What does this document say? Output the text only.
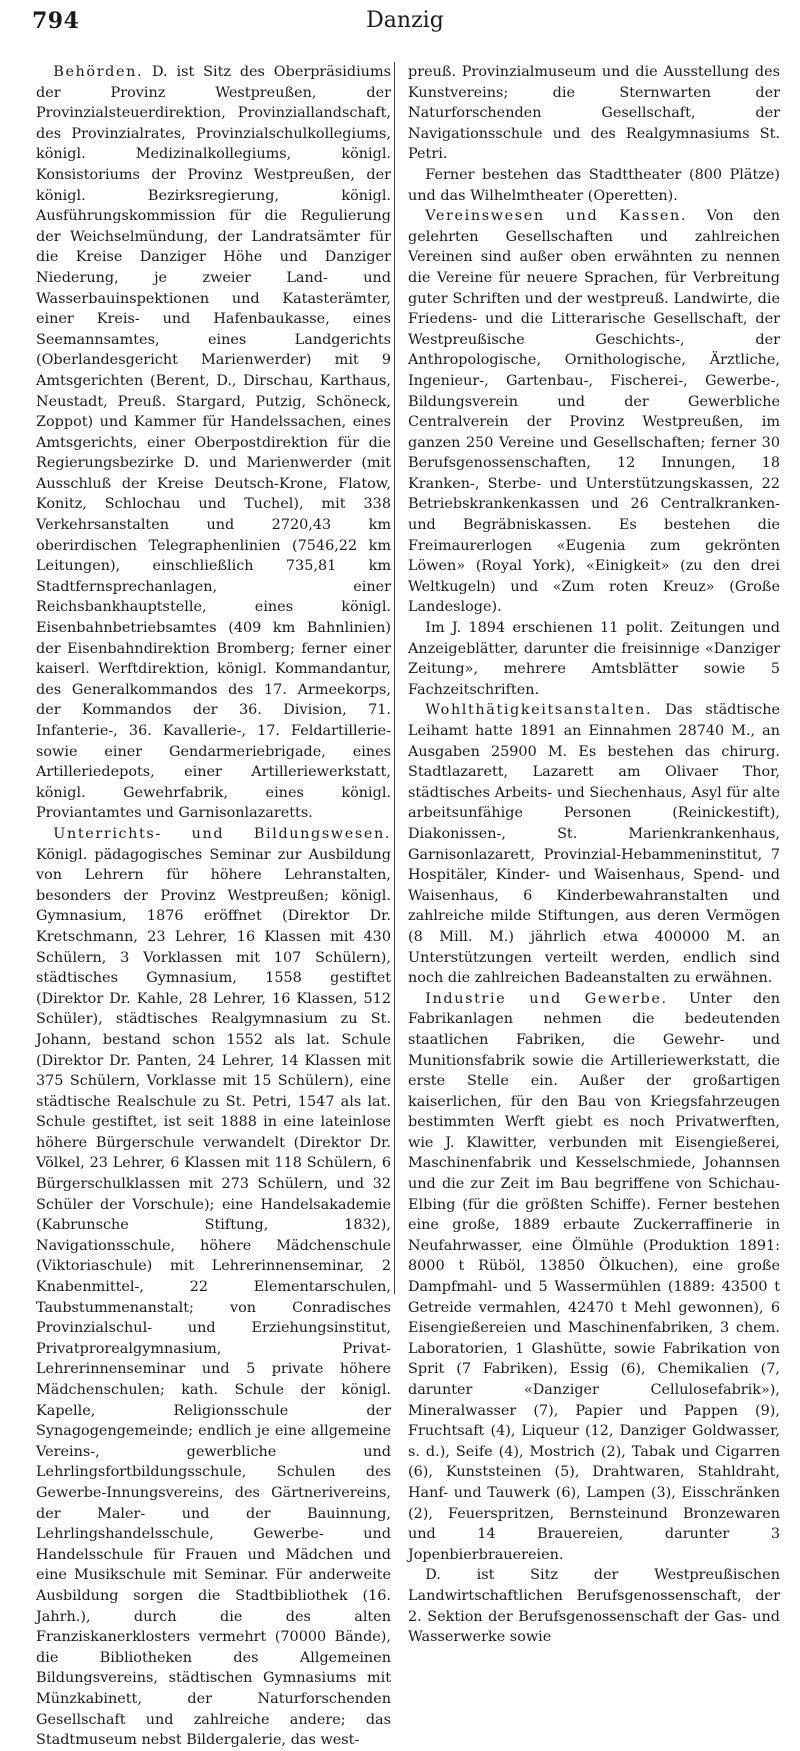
794	Danzig

Behörden. D. ist Sitz des Oberpräsidiums der Provinz Westpreußen, der Provinzialsteuerdirektion, Provinziallandschaft, des Provinzialrates, Provinzialschulkollegiums, königl. Medizinalkollegiums, königl. Konsistoriums der Provinz Westpreußen, der königl. Bezirksregierung, königl. Ausführungskommission für die Regulierung der Weichselmündung, der Landratsämter für die Kreise Danziger Höhe und Danziger Niederung, je zweier Land- und Wasserbauinspektionen und Katasterämter, einer Kreis- und Hafenbaukasse, eines Seemannsamtes, eines Landgerichts (Oberlandesgericht Marienwerder) mit 9 Amtsgerichten (Berent, D., Dirschau, Karthaus, Neustadt, Preuß. Stargard, Putzig, Schöneck, Zoppot) und Kammer für Handelssachen, eines Amtsgerichts, einer Oberpostdirektion für die Regierungsbezirke D. und Marienwerder (mit Ausschluß der Kreise Deutsch-Krone, Flatow, Konitz, Schlochau und Tuchel), mit 338 Verkehrsanstalten und 2720,43 km oberirdischen Telegraphenlinien (7546,22 km Leitungen), einschließlich 735,81 km Stadtfernsprechanlagen, einer Reichsbankhauptstelle, eines königl. Eisenbahnbetriebsamtes (409 km Bahnlinien) der Eisenbahndirektion Bromberg; ferner einer kaiserl. Werftdirektion, königl. Kommandantur, des Generalkommandos des 17. Armeekorps, der Kommandos der 36. Division, 71. Infanterie-, 36. Kavallerie-, 17. Feldartillerie- sowie einer Gendarmeriebrigade, eines Artilleriedepots, einer Artilleriewerkstatt, königl. Gewehrfabrik, eines königl. Proviantamtes und Garnisonlazaretts.

Unterrichts- und Bildungswesen. Königl. pädagogisches Seminar zur Ausbildung von Lehrern für höhere Lehranstalten, besonders der Provinz Westpreußen; königl. Gymnasium, 1876 eröffnet (Direktor Dr. Kretschmann, 23 Lehrer, 16 Klassen mit 430 Schülern, 3 Vorklassen mit 107 Schülern), städtisches Gymnasium, 1558 gestiftet (Direktor Dr. Kahle, 28 Lehrer, 16 Klassen, 512 Schüler), städtisches Realgymnasium zu St. Johann, bestand schon 1552 als lat. Schule (Direktor Dr. Panten, 24 Lehrer, 14 Klassen mit 375 Schülern, Vorklasse mit 15 Schülern), eine städtische Realschule zu St. Petri, 1547 als lat. Schule gestiftet, ist seit 1888 in eine lateinlose höhere Bürgerschule verwandelt (Direktor Dr. Völkel, 23 Lehrer, 6 Klassen mit 118 Schülern, 6 Bürgerschulklassen mit 273 Schülern, und 32 Schüler der Vorschule); eine Handelsakademie (Kabrunsche Stiftung, 1832), Navigationsschule, höhere Mädchenschule (Viktoriaschule) mit Lehrerinnenseminar, 2 Knabenmittel-, 22 Elementarschulen, Taubstummenanstalt; von Conradisches Provinzialschul- und Erziehungsinstitut, Privatprorealgymnasium, Privat-Lehrerinnenseminar und 5 private höhere Mädchenschulen; kath. Schule der königl. Kapelle, Religionsschule der Synagogengemeinde; endlich je eine allgemeine Vereins-, gewerbliche und Lehrlingsfortbildungsschule, Schulen des Gewerbe-Innungsvereins, des Gärtnerivereins, der Maler- und der Bauinnung, Lehrlingshandelsschule, Gewerbe- und Handelsschule für Frauen und Mädchen und eine Musikschule mit Seminar. Für anderweite Ausbildung sorgen die Stadtbibliothek (16. Jahrh.), durch die des alten Franziskanerklosters vermehrt (70000 Bände), die Bibliotheken des Allgemeinen Bildungsvereins, städtischen Gymnasiums mit Münzkabinett, der Naturforschenden Gesellschaft und zahlreiche andere; das Stadtmuseum nebst Bildergalerie, das west-

preuß. Provinzialmuseum und die Ausstellung des Kunstvereins; die Sternwarten der Naturforschenden Gesellschaft, der Navigationsschule und des Realgymnasiums St. Petri.

Ferner bestehen das Stadttheater (800 Plätze) und das Wilhelmtheater (Operetten).

Vereinswesen und Kassen. Von den gelehrten Gesellschaften und zahlreichen Vereinen sind außer oben erwähnten zu nennen die Vereine für neuere Sprachen, für Verbreitung guter Schriften und der westpreuß. Landwirte, die Friedens- und die Litterarische Gesellschaft, der Westpreußische Geschichts-, der Anthropologische, Ornithologische, Ärztliche, Ingenieur-, Gartenbau-, Fischerei-, Gewerbe-, Bildungsverein und der Gewerbliche Centralverein der Provinz Westpreußen, im ganzen 250 Vereine und Gesellschaften; ferner 30 Berufsgenossenschaften, 12 Innungen, 18 Kranken-, Sterbe- und Unterstützungskassen, 22 Betriebskrankenkassen und 26 Centralkranken- und Begräbniskassen. Es bestehen die Freimaurerlogen «Eugenia zum gekrönten Löwen» (Royal York), «Einigkeit» (zu den drei Weltkugeln) und «Zum roten Kreuz» (Große Landesloge).

Im J. 1894 erschienen 11 polit. Zeitungen und Anzeigeblätter, darunter die freisinnige «Danziger Zeitung», mehrere Amtsblätter sowie 5 Fachzeitschriften.

Wohlthätigkeitsanstalten. Das städtische Leihamt hatte 1891 an Einnahmen 28740 M., an Ausgaben 25900 M. Es bestehen das chirurg. Stadtlazarett, Lazarett am Olivaer Thor, städtisches Arbeits- und Siechenhaus, Asyl für alte arbeitsunfähige Personen (Reinickestift), Diakonissen-, St. Marienkrankenhaus, Garnisonlazarett, Provinzial-Hebammeninstitut, 7 Hospitäler, Kinder- und Waisenhaus, Spend- und Waisenhaus, 6 Kinderbewahranstalten und zahlreiche milde Stiftungen, aus deren Vermögen (8 Mill. M.) jährlich etwa 400000 M. an Unterstützungen verteilt werden, endlich sind noch die zahlreichen Badeanstalten zu erwähnen.

Industrie und Gewerbe. Unter den Fabrikanlagen nehmen die bedeutenden staatlichen Fabriken, die Gewehr- und Munitionsfabrik sowie die Artilleriewerkstatt, die erste Stelle ein. Außer der großartigen kaiserlichen, für den Bau von Kriegsfahrzeugen bestimmten Werft giebt es noch Privatwerften, wie J. Klawitter, verbunden mit Eisengießerei, Maschinenfabrik und Kesselschmiede, Johannsen und die zur Zeit im Bau begriffene von Schichau-Elbing (für die größten Schiffe). Ferner bestehen eine große, 1889 erbaute Zuckerraffinerie in Neufahrwasser, eine Ölmühle (Produktion 1891: 8000 t Rüböl, 13850 Ölkuchen), eine große Dampfmahl- und 5 Wassermühlen (1889: 43500 t Getreide vermahlen, 42470 t Mehl gewonnen), 6 Eisengießereien und Maschinenfabriken, 3 chem. Laboratorien, 1 Glashütte, sowie Fabrikation von Sprit (7 Fabriken), Essig (6), Chemikalien (7, darunter «Danziger Cellulosefabrik»), Mineralwasser (7), Papier und Pappen (9), Fruchtsaft (4), Liqueur (12, Danziger Goldwasser, s. d.), Seife (4), Mostrich (2), Tabak und Cigarren (6), Kunststeinen (5), Drahtwaren, Stahldraht, Hanf- und Tauwerk (6), Lampen (3), Eisschränken (2), Feuerspritzen, Bernsteinund Bronzewaren und 14 Brauereien, darunter 3 Jopenbierbrauereien.

D. ist Sitz der Westpreußischen Landwirtschaftlichen Berufsgenossenschaft, der 2. Sektion der Berufsgenossenschaft der Gas- und Wasserwerke sowie
